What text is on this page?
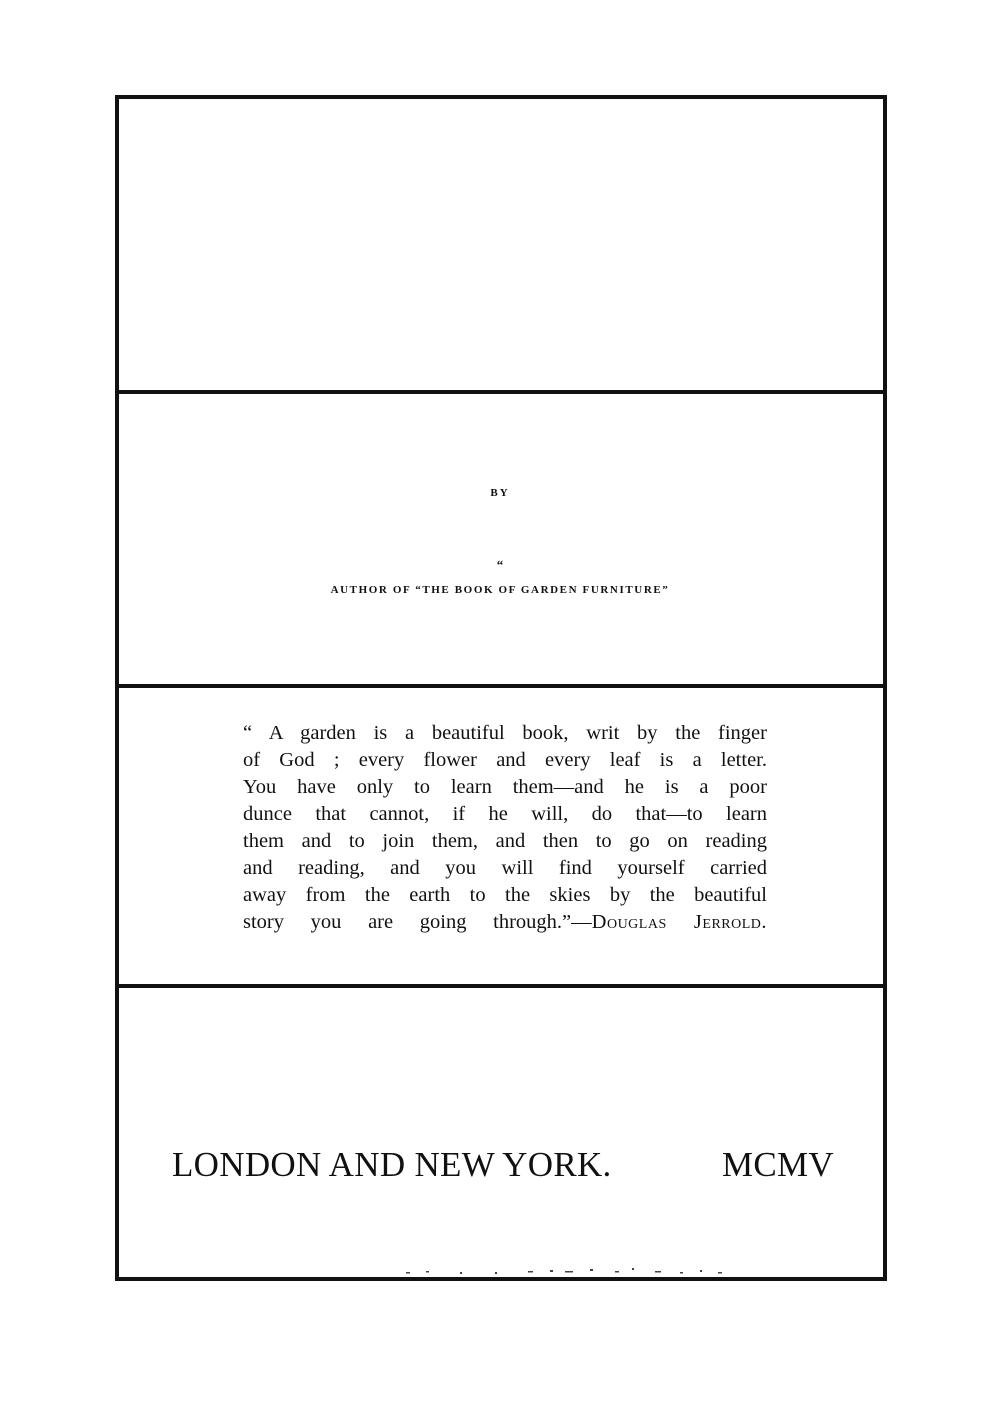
BY
“
AUTHOR OF “THE BOOK OF GARDEN FURNITURE”
“ A garden is a beautiful book, writ by the finger
of God ; every flower and every leaf is a letter.
You have only to learn them—and he is a poor
dunce that cannot, if he will, do that—to learn
them and to join them, and then to go on reading
and reading, and you will find yourself carried
away from the earth to the skies by the beautiful
story you are going through.”—Douglas Jerrold.
LONDON AND NEW YORK.	MCMV
